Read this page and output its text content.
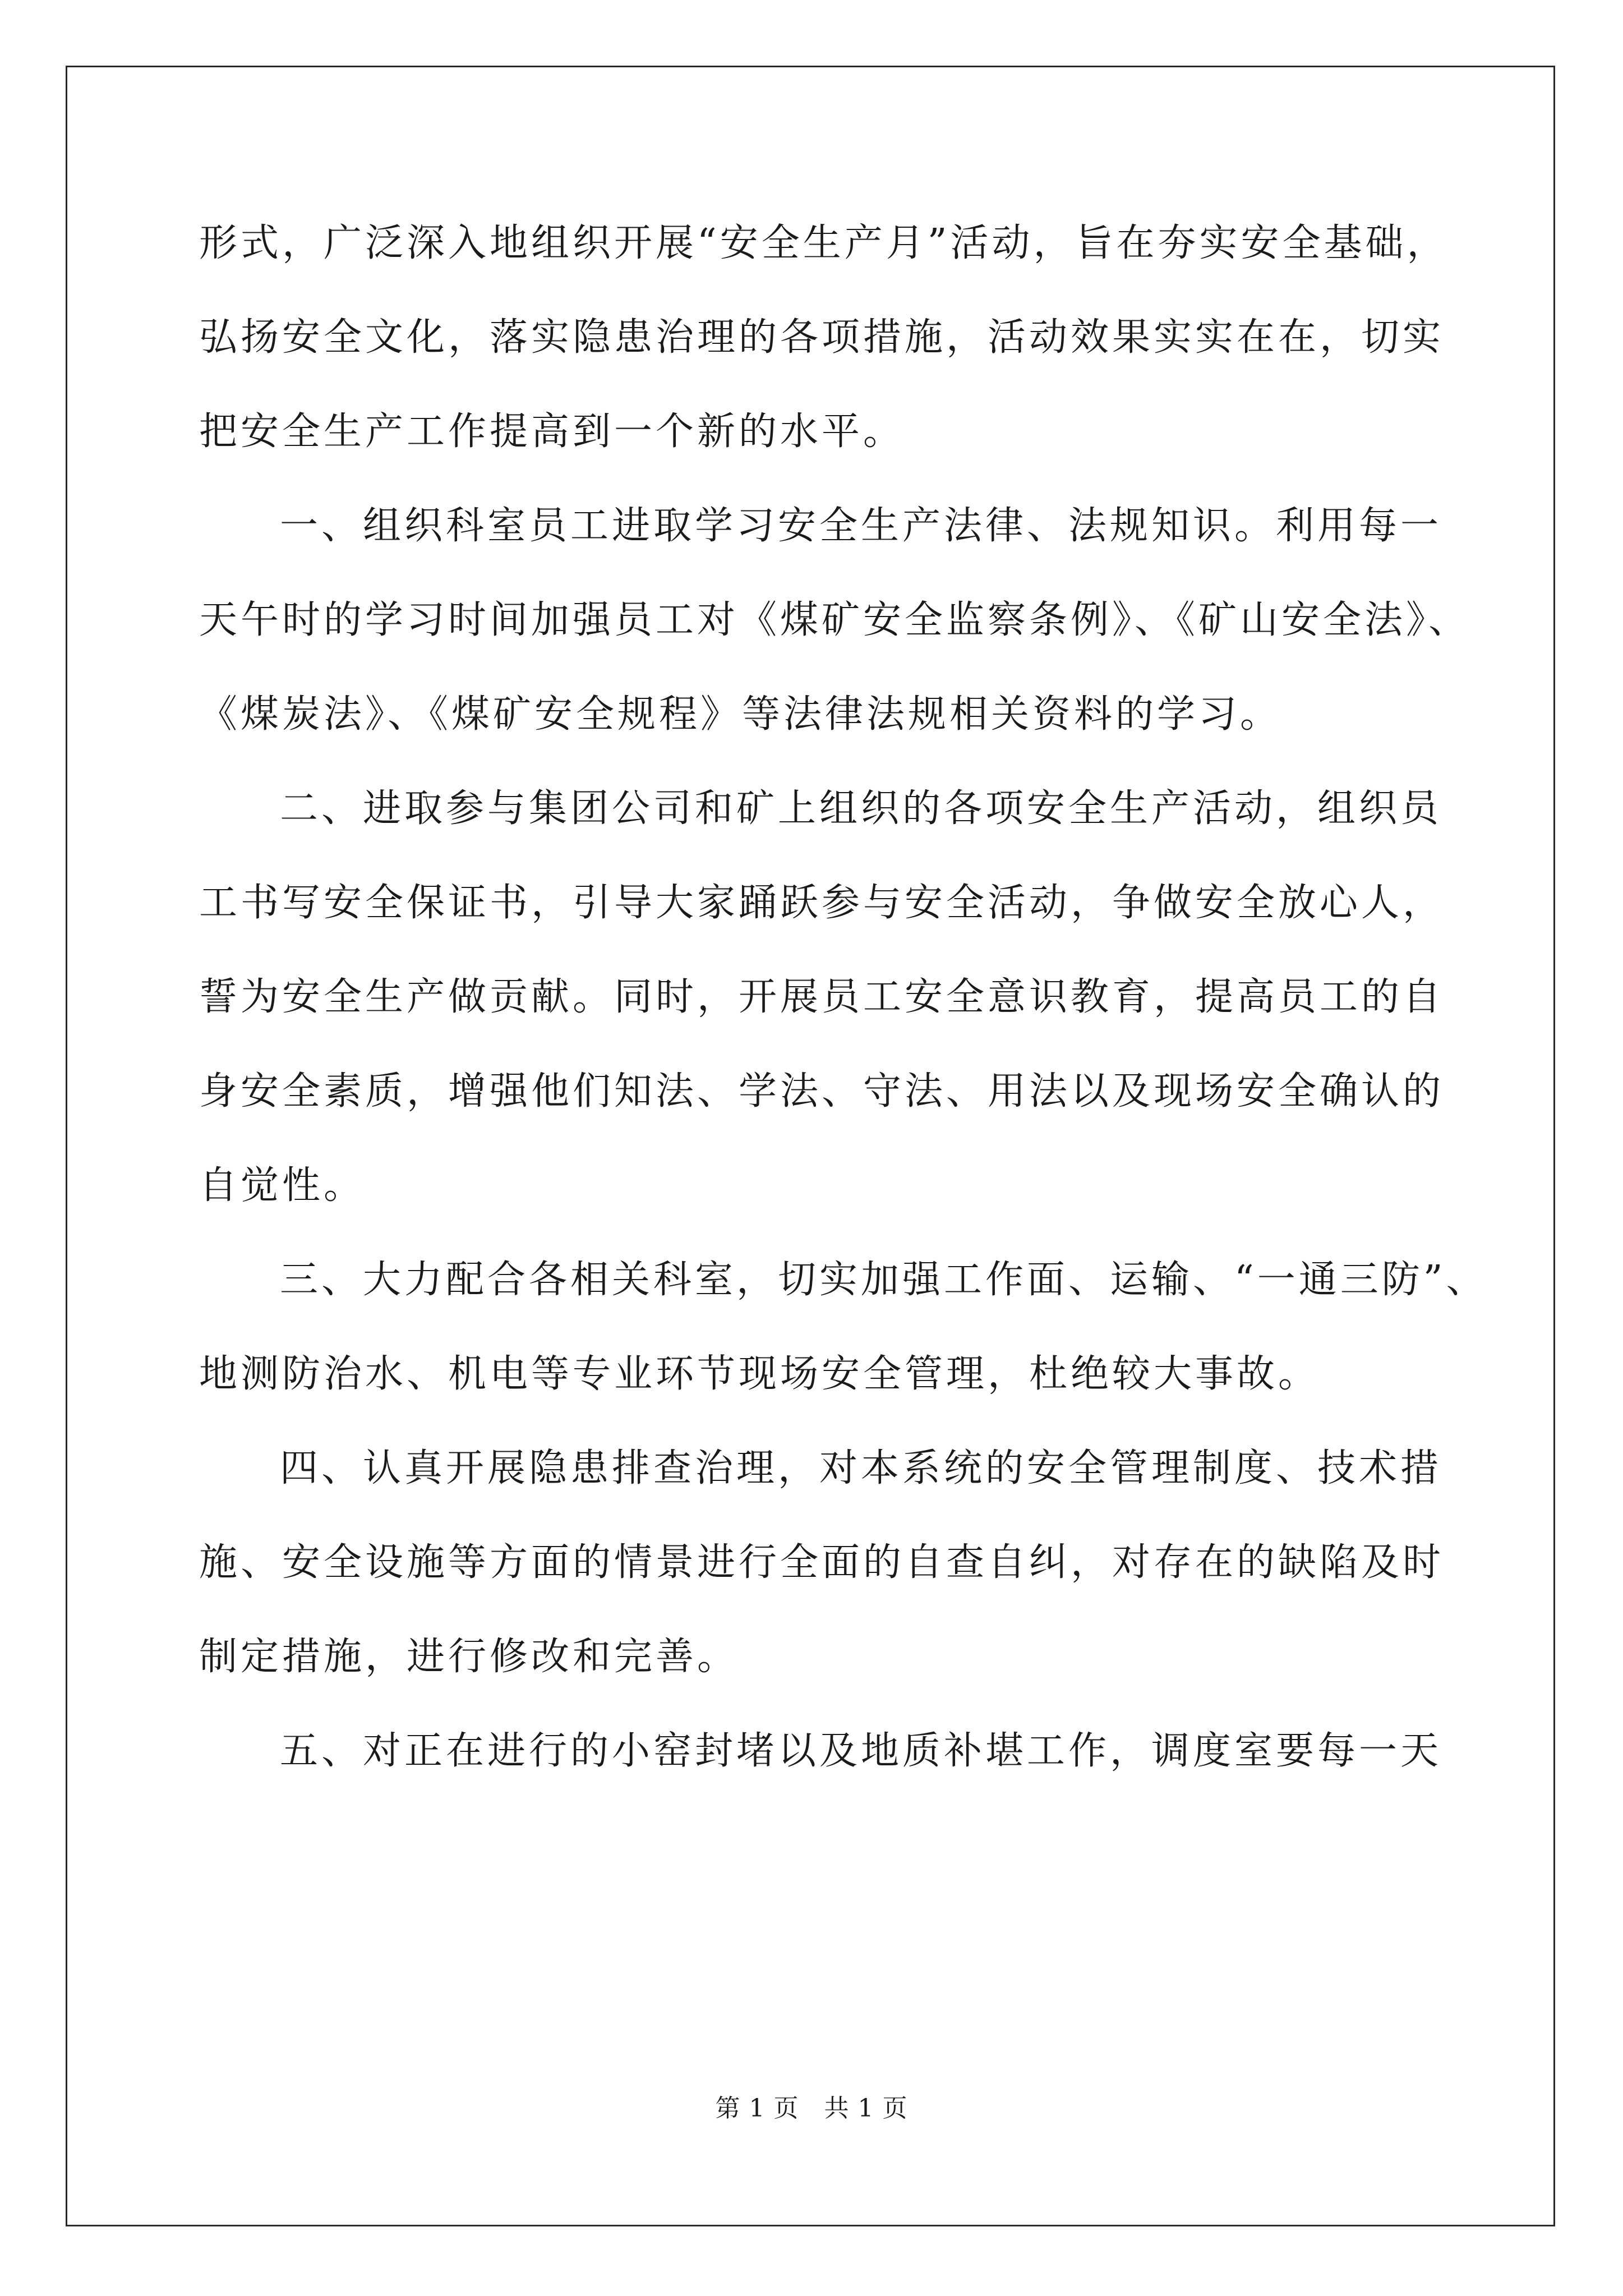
形式，广泛深入地组织开展“安全生产月”活动，旨在夯实安全基础，
弘扬安全文化，落实隐患治理的各项措施，活动效果实实在在，切实
把安全生产工作提高到一个新的水平。
一、组织科室员工进取学习安全生产法律、法规知识。利用每一
天午时的学习时间加强员工对《煤矿安全监察条例》、《矿山安全法》、
《煤炭法》、《煤矿安全规程》等法律法规相关资料的学习。
二、进取参与集团公司和矿上组织的各项安全生产活动，组织员
工书写安全保证书，引导大家踊跃参与安全活动，争做安全放心人，
誓为安全生产做贡献。同时，开展员工安全意识教育，提高员工的自
身安全素质，增强他们知法、学法、守法、用法以及现场安全确认的
自觉性。
三、大力配合各相关科室，切实加强工作面、运输、“一通三防”、
地测防治水、机电等专业环节现场安全管理，杜绝较大事故。
四、认真开展隐患排查治理，对本系统的安全管理制度、技术措
施、安全设施等方面的情景进行全面的自查自纠，对存在的缺陷及时
制定措施，进行修改和完善。
五、对正在进行的小窑封堵以及地质补堪工作，调度室要每一天
第 1 页　共 1 页
